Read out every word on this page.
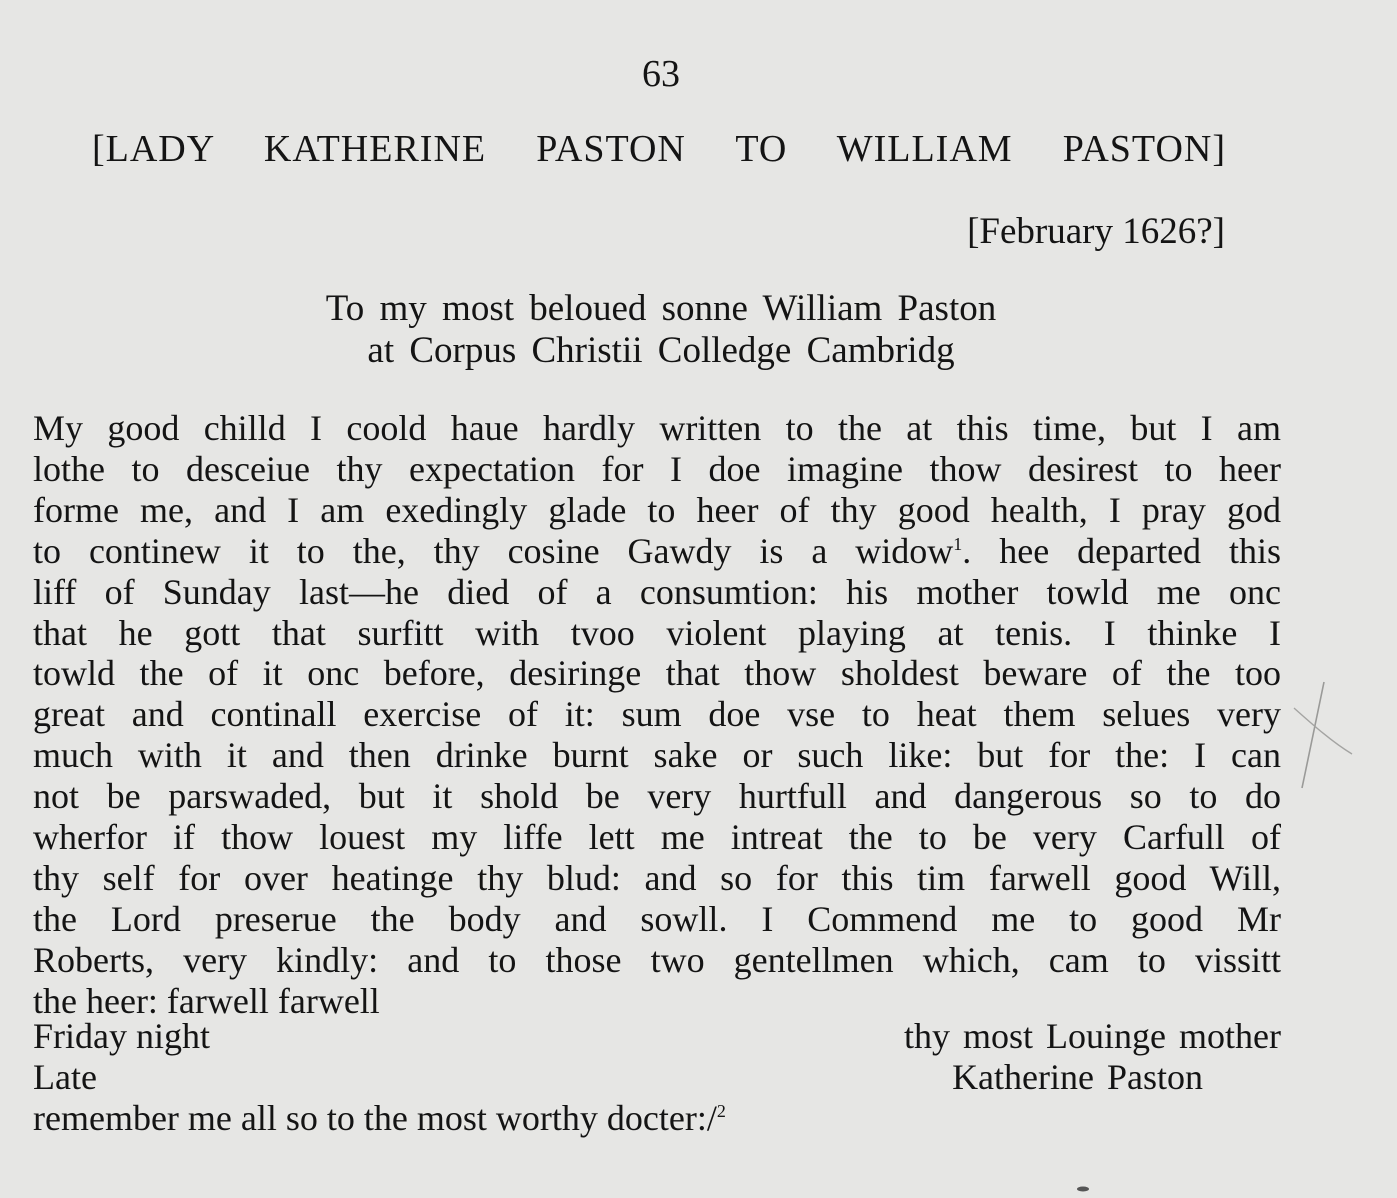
63
[LADY KATHERINE PASTON TO WILLIAM PASTON]
[February 1626?]
To my most beloued sonne William Paston
at Corpus Christii Colledge Cambridg
My good chilld I coold haue hardly written to the at this time, but I am
lothe to desceiue thy expectation for I doe imagine thow desirest to heer
forme me, and I am exedingly glade to heer of thy good health, I pray god
to continew it to the, thy cosine Gawdy is a widow$^1$. hee departed this
liff of Sunday last—he died of a consumtion: his mother towld me onc
that he gott that surfitt with tvoo violent playing at tenis. I thinke I
towld the of it onc before, desiringe that thow sholdest beware of the too
great and continall exercise of it: sum doe vse to heat them selues very
much with it and then drinke burnt sake or such like: but for the: I can
not be parswaded, but it shold be very hurtfull and dangerous so to do
wherfor if thow louest my liffe lett me intreat the to be very Carfull of
thy self for over heatinge thy blud: and so for this tim farwell good Will,
the Lord preserue the body and sowll. I Commend me to good Mr
Roberts, very kindly: and to those two gentellmen which, cam to vissitt
the heer: farwell farwell
Friday night	thy most Louinge mother
Late	Katherine Paston
remember me all so to the most worthy docter:/$^2$
